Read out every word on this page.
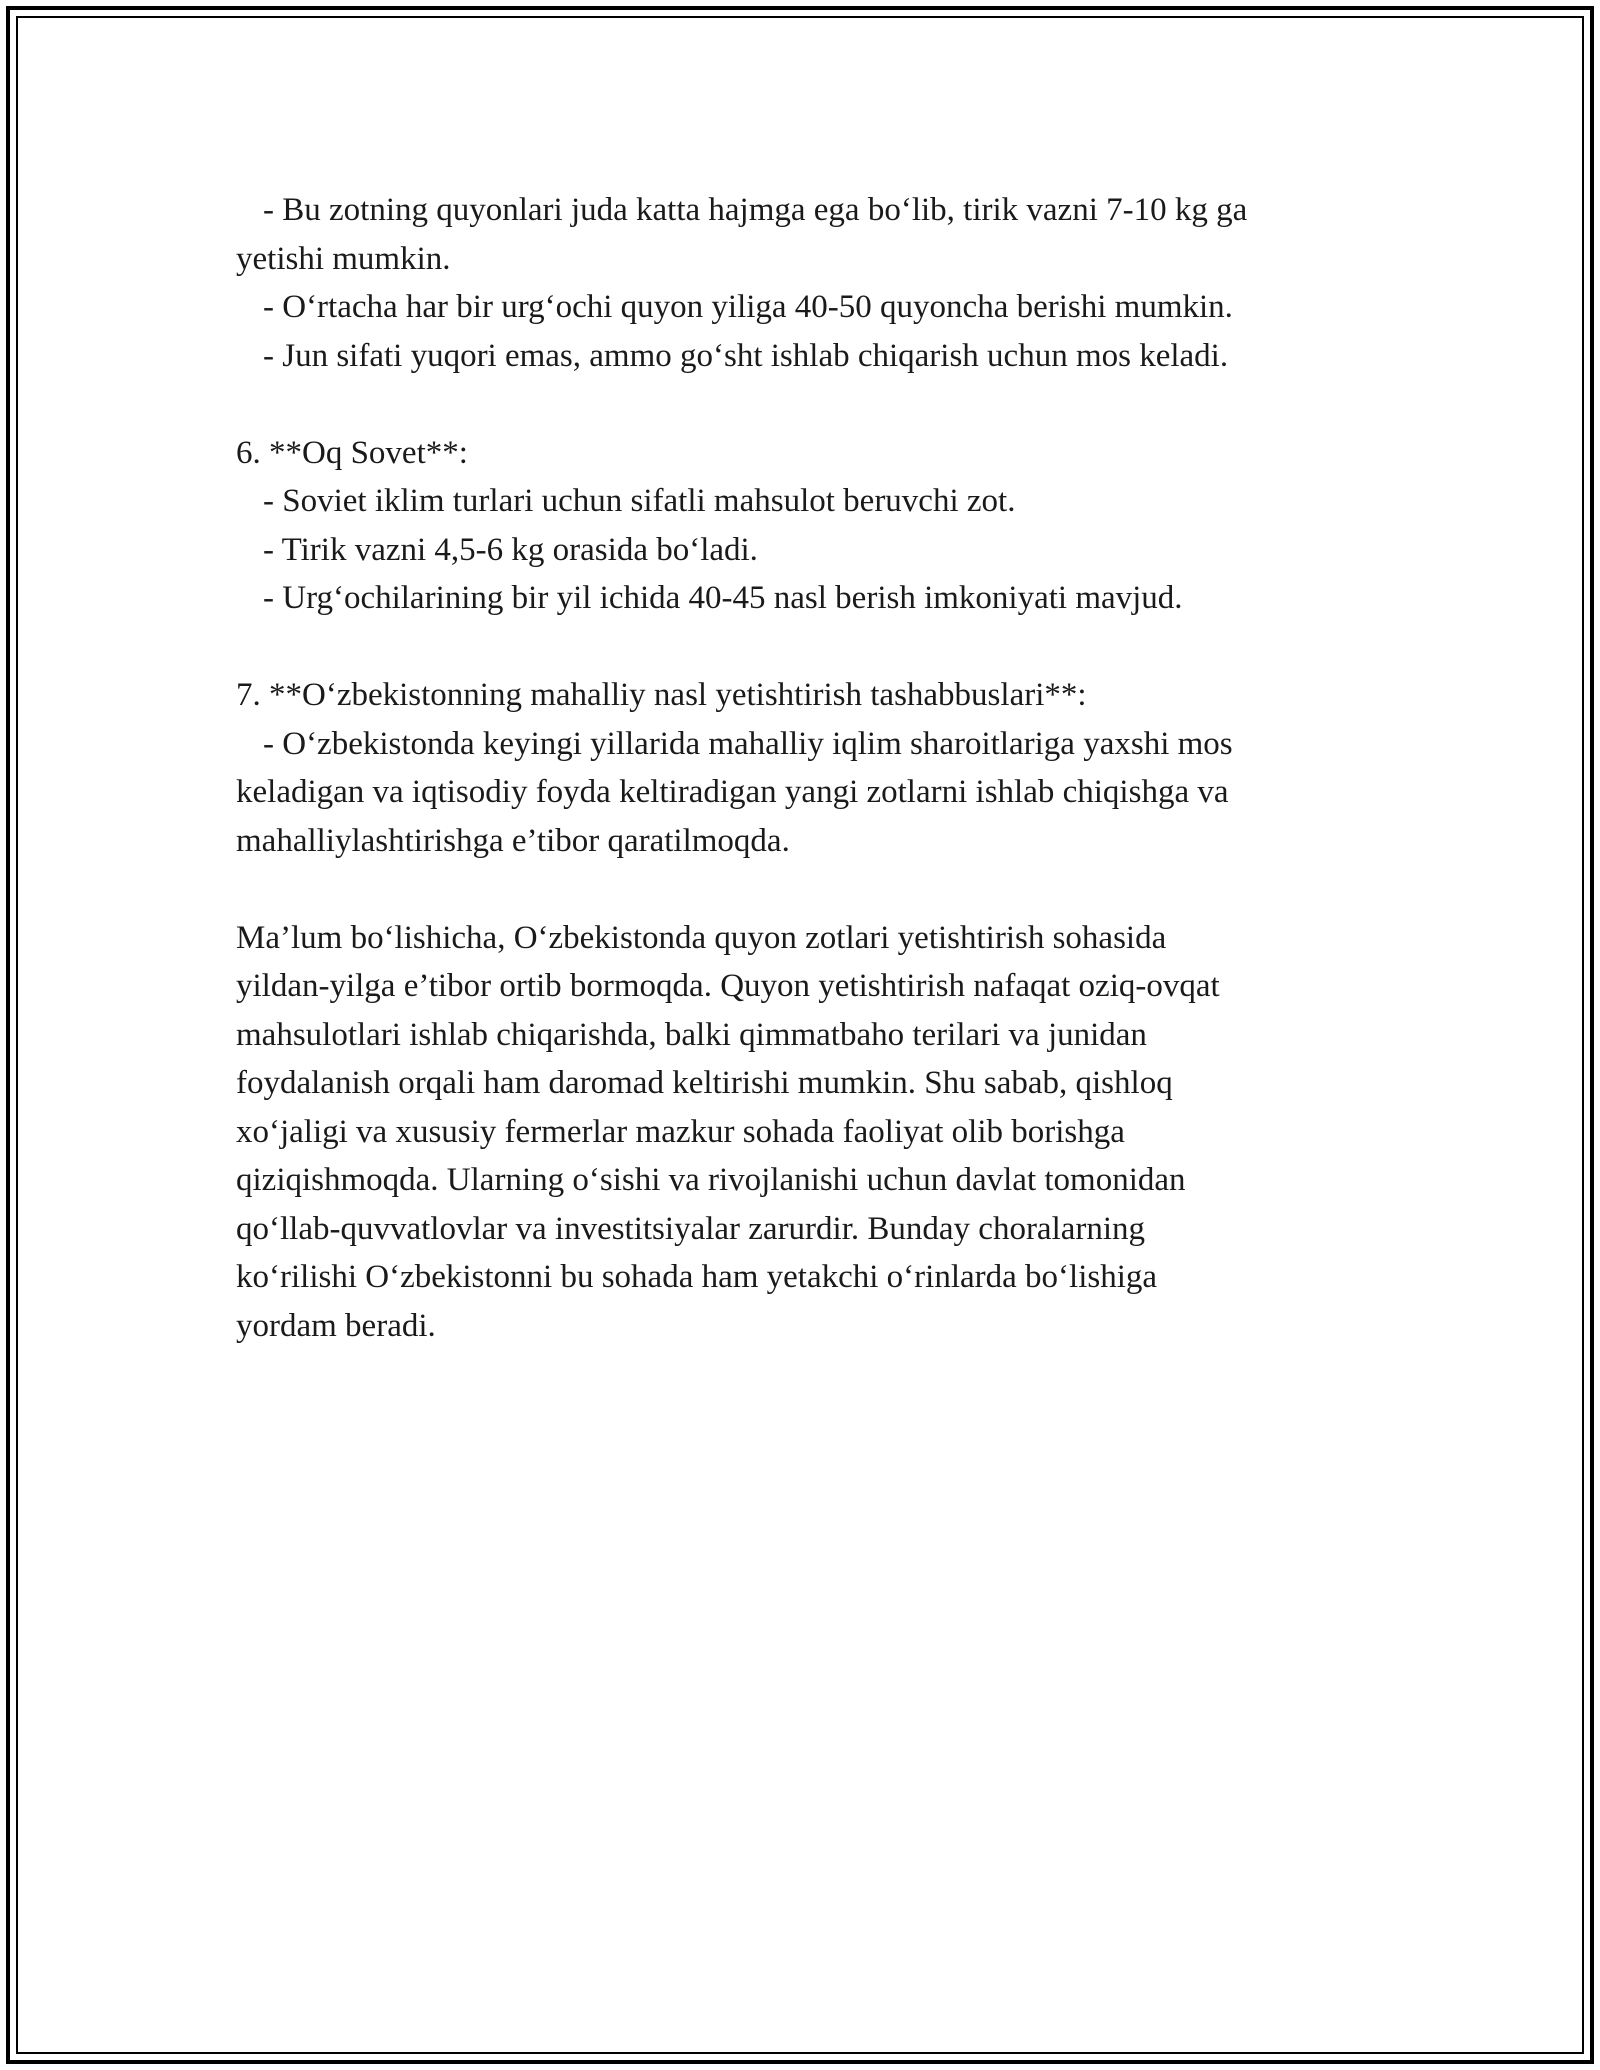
- Bu zotning quyonlari juda katta hajmga ega bo‘lib, tirik vazni 7-10 kg ga
yetishi mumkin.
- O‘rtacha har bir urg‘ochi quyon yiliga 40-50 quyoncha berishi mumkin.
- Jun sifati yuqori emas, ammo go‘sht ishlab chiqarish uchun mos keladi.
6. **Oq Sovet**:
- Soviet iklim turlari uchun sifatli mahsulot beruvchi zot.
- Tirik vazni 4,5-6 kg orasida bo‘ladi.
- Urg‘ochilarining bir yil ichida 40-45 nasl berish imkoniyati mavjud.
7. **O‘zbekistonning mahalliy nasl yetishtirish tashabbuslari**:
- O‘zbekistonda keyingi yillarida mahalliy iqlim sharoitlariga yaxshi mos
keladigan va iqtisodiy foyda keltiradigan yangi zotlarni ishlab chiqishga va
mahalliylashtirishga e’tibor qaratilmoqda.
Ma’lum bo‘lishicha, O‘zbekistonda quyon zotlari yetishtirish sohasida
yildan-yilga e’tibor ortib bormoqda. Quyon yetishtirish nafaqat oziq-ovqat
mahsulotlari ishlab chiqarishda, balki qimmatbaho terilari va junidan
foydalanish orqali ham daromad keltirishi mumkin. Shu sabab, qishloq
xo‘jaligi va xususiy fermerlar mazkur sohada faoliyat olib borishga
qiziqishmoqda. Ularning o‘sishi va rivojlanishi uchun davlat tomonidan
qo‘llab-quvvatlovlar va investitsiyalar zarurdir. Bunday choralarning
ko‘rilishi O‘zbekistonni bu sohada ham yetakchi o‘rinlarda bo‘lishiga
yordam beradi.
